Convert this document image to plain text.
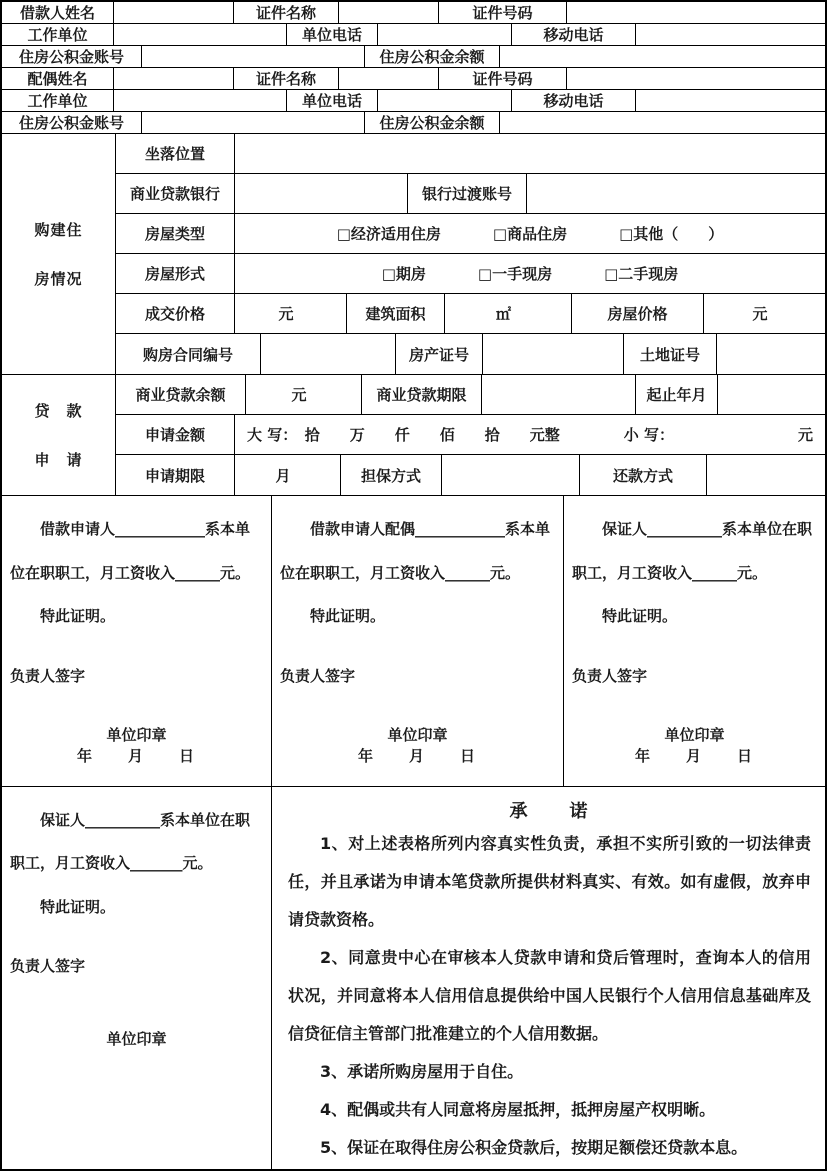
借款人姓名	证件名称	证件号码
工作单位	单位电话	移动电话
住房公积金账号	住房公积金余额
配偶姓名	证件名称	证件号码
工作单位	单位电话	移动电话
住房公积金账号	住房公积金余额
购建住
房情况
坐落位置
商业贷款银行	银行过渡账号
房屋类型	□经济适用住房	□商品住房	□其他（　　）
房屋形式	□期房	□一手现房	□二手现房
成交价格	元	建筑面积	㎡	房屋价格	元
购房合同编号	房产证号	土地证号
贷　款
申　请
商业贷款余额	元	商业贷款期限	起止年月
申请金额	大 写：　拾　　万　　仟　　佰　　拾　　元整	小 写：	元
申请期限	月	担保方式	还款方式

借款申请人____________系本单位在职职工，月工资收入______元。

特此证明。

负责人签字

单位印章

年　　月　　日

借款申请人配偶____________系本单位在职职工，月工资收入______元。

特此证明。

负责人签字

单位印章

年　　月　　日

保证人__________系本单位在职职工，月工资收入______元。

特此证明。

负责人签字

单位印章

年　　月　　日

保证人__________系本单位在职职工，月工资收入_______元。

特此证明。

负责人签字

单位印章

承　　诺

1、对上述表格所列内容真实性负责，承担不实所引致的一切法律责任，并且承诺为申请本笔贷款所提供材料真实、有效。如有虚假，放弃申请贷款资格。

2、同意贵中心在审核本人贷款申请和贷后管理时，查询本人的信用状况，并同意将本人信用信息提供给中国人民银行个人信用信息基础库及信贷征信主管部门批准建立的个人信用数据。

3、承诺所购房屋用于自住。

4、配偶或共有人同意将房屋抵押，抵押房屋产权明晰。

5、保证在取得住房公积金贷款后，按期足额偿还贷款本息。
